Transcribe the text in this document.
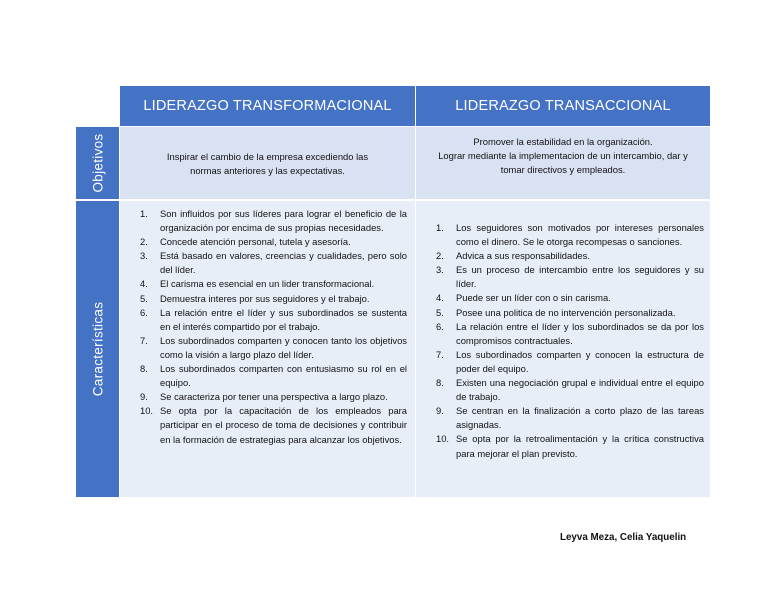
LIDERAZGO TRANSFORMACIONAL	LIDERAZGO TRANSACCIONAL
Objetivos	Inspirar el cambio de la empresa excediendo las normas anteriores y las expectativas.
Promover la estabilidad en la organización.
Lograr mediante la implementacion de un intercambio, dar y tomar directivos y empleados.
Características
1. Son influidos por sus líderes para lograr el beneficio de la organización por encima de sus propias necesidades.
2. Concede atención personal, tutela y asesoría.
3. Está basado en valores, creencias y cualidades, pero solo del líder.
4. El carisma es esencial en un lider transformacional.
5. Demuestra interes por sus seguidores y el trabajo.
6. La relación entre el líder y sus subordinados se sustenta en el interés compartido por el trabajo.
7. Los subordinados comparten y conocen tanto los objetivos como la visión a largo plazo del líder.
8. Los subordinados comparten con entusiasmo su rol en el equipo.
9. Se caracteriza por tener una perspectiva a largo plazo.
10. Se opta por la capacitación de los empleados para participar en el proceso de toma de decisiones y contribuir en la formación de estrategias para alcanzar los objetivos.
1. Los seguidores son motivados por intereses personales como el dinero. Se le otorga recompesas o sanciones.
2. Advica a sus responsabilidades.
3. Es un proceso de intercambio entre los seguidores y su líder.
4. Puede ser un líder con o sin carisma.
5. Posee una politica de no intervención personalizada.
6. La relación entre el líder y los subordinados se da por los compromisos contractuales.
7. Los subordinados comparten y conocen la estructura de poder del equipo.
8. Existen una negociación grupal e individual entre el equipo de trabajo.
9. Se centran en la finalización a corto plazo de las tareas asignadas.
10. Se opta por la retroalimentación y la crítica constructiva para mejorar el plan previsto.
Leyva Meza, Celia Yaquelin
